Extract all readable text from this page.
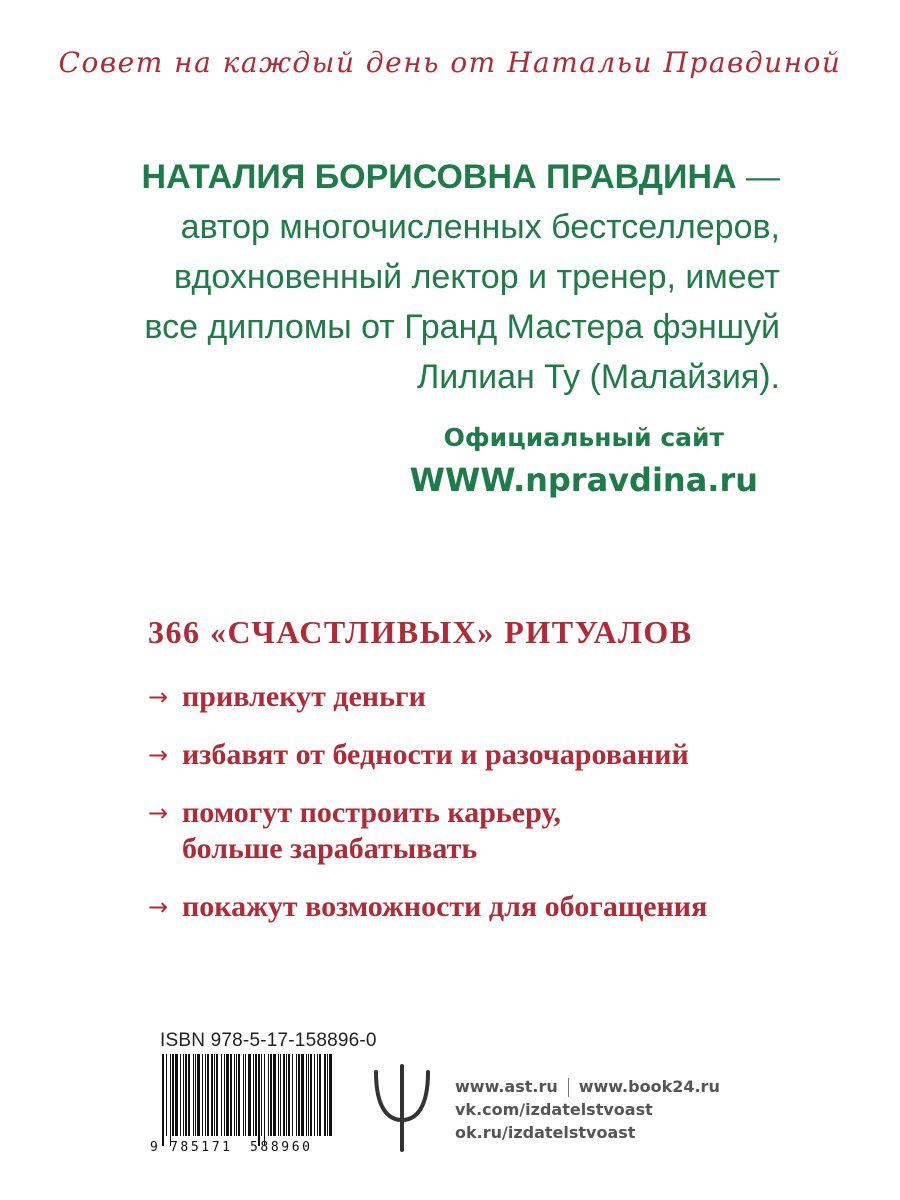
Совет на каждый день от Натальи Правдиной
НАТАЛИЯ БОРИСОВНА ПРАВДИНА —
автор многочисленных бестселлеров,
вдохновенный лектор и тренер, имеет
все дипломы от Гранд Мастера фэншуй
Лилиан Ту (Малайзия).
Официальный сайт
WWW.npravdina.ru
366 «СЧАСТЛИВЫХ» РИТУАЛОВ
→ привлекут деньги
→ избавят от бедности и разочарований
→ помогут построить карьеру,
больше зарабатывать
→ покажут возможности для обогащения
ISBN 978-5-17-158896-0
9 785171 588960
www.ast.ru www.book24.ru
vk.com/izdatelstvoast
ok.ru/izdatelstvoast
